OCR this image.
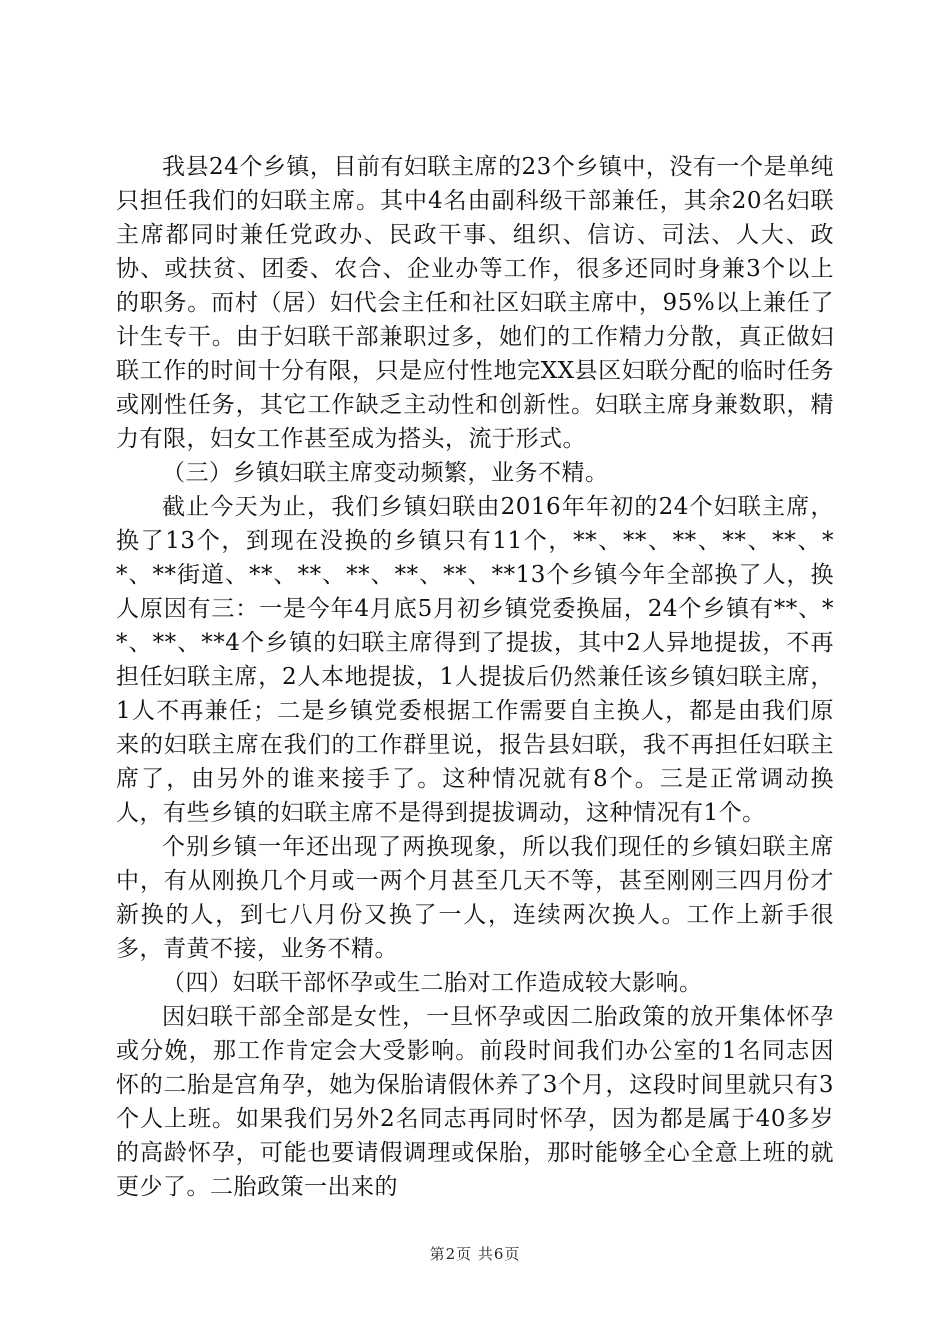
我县24个乡镇，目前有妇联主席的23个乡镇中，没有一个是单纯只担任我们的妇联主席。其中4名由副科级干部兼任，其余20名妇联主席都同时兼任党政办、民政干事、组织、信访、司法、人大、政协、或扶贫、团委、农合、企业办等工作，很多还同时身兼3个以上的职务。而村（居）妇代会主任和社区妇联主席中，95%以上兼任了计生专干。由于妇联干部兼职过多，她们的工作精力分散，真正做妇联工作的时间十分有限，只是应付性地完XX县区妇联分配的临时任务或刚性任务，其它工作缺乏主动性和创新性。妇联主席身兼数职，精力有限，妇女工作甚至成为搭头，流于形式。

（三）乡镇妇联主席变动频繁，业务不精。

截止今天为止，我们乡镇妇联由2016年年初的24个妇联主席，换了13个，到现在没换的乡镇只有11个，**、**、**、**、**、**、**街道、**、**、**、**、**、**13个乡镇今年全部换了人，换人原因有三：一是今年4月底5月初乡镇党委换届，24个乡镇有**、**、**、**4个乡镇的妇联主席得到了提拔，其中2人异地提拔，不再担任妇联主席，2人本地提拔，1人提拔后仍然兼任该乡镇妇联主席，1人不再兼任；二是乡镇党委根据工作需要自主换人，都是由我们原来的妇联主席在我们的工作群里说，报告县妇联，我不再担任妇联主席了，由另外的谁来接手了。这种情况就有8个。三是正常调动换人，有些乡镇的妇联主席不是得到提拔调动，这种情况有1个。

个别乡镇一年还出现了两换现象，所以我们现任的乡镇妇联主席中，有从刚换几个月或一两个月甚至几天不等，甚至刚刚三四月份才新换的人，到七八月份又换了一人，连续两次换人。工作上新手很多，青黄不接，业务不精。

（四）妇联干部怀孕或生二胎对工作造成较大影响。

因妇联干部全部是女性，一旦怀孕或因二胎政策的放开集体怀孕或分娩，那工作肯定会大受影响。前段时间我们办公室的1名同志因怀的二胎是宫角孕，她为保胎请假休养了3个月，这段时间里就只有3个人上班。如果我们另外2名同志再同时怀孕，因为都是属于40多岁的高龄怀孕，可能也要请假调理或保胎，那时能够全心全意上班的就更少了。二胎政策一出来的

第2页 共6页
